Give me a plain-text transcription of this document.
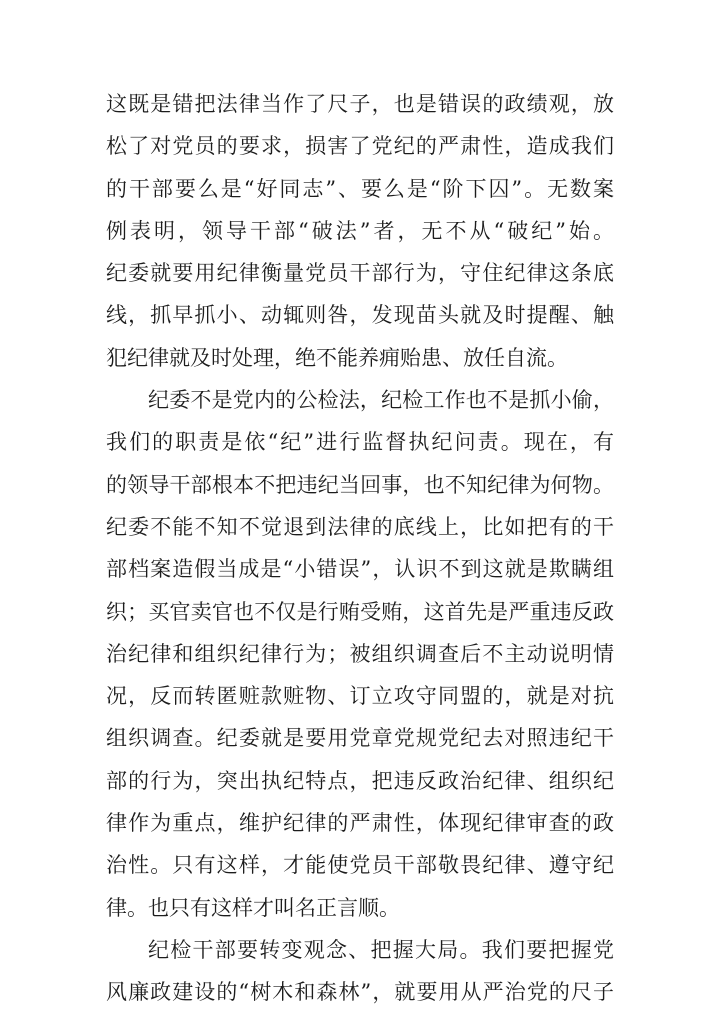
这既是错把法律当作了尺子，也是错误的政绩观，放
松了对党员的要求，损害了党纪的严肃性，造成我们
的干部要么是“好同志”、要么是“阶下囚”。无数案
例表明，领导干部“破法”者，无不从“破纪”始。
纪委就要用纪律衡量党员干部行为，守住纪律这条底
线，抓早抓小、动辄则咎，发现苗头就及时提醒、触
犯纪律就及时处理，绝不能养痈贻患、放任自流。
纪委不是党内的公检法，纪检工作也不是抓小偷，
我们的职责是依“纪”进行监督执纪问责。现在，有
的领导干部根本不把违纪当回事，也不知纪律为何物。
纪委不能不知不觉退到法律的底线上，比如把有的干
部档案造假当成是“小错误”，认识不到这就是欺瞒组
织；买官卖官也不仅是行贿受贿，这首先是严重违反政
治纪律和组织纪律行为；被组织调查后不主动说明情
况，反而转匿赃款赃物、订立攻守同盟的，就是对抗
组织调查。纪委就是要用党章党规党纪去对照违纪干
部的行为，突出执纪特点，把违反政治纪律、组织纪
律作为重点，维护纪律的严肃性，体现纪律审查的政
治性。只有这样，才能使党员干部敬畏纪律、遵守纪
律。也只有这样才叫名正言顺。
纪检干部要转变观念、把握大局。我们要把握党
风廉政建设的“树木和森林”，就要用从严治党的尺子
